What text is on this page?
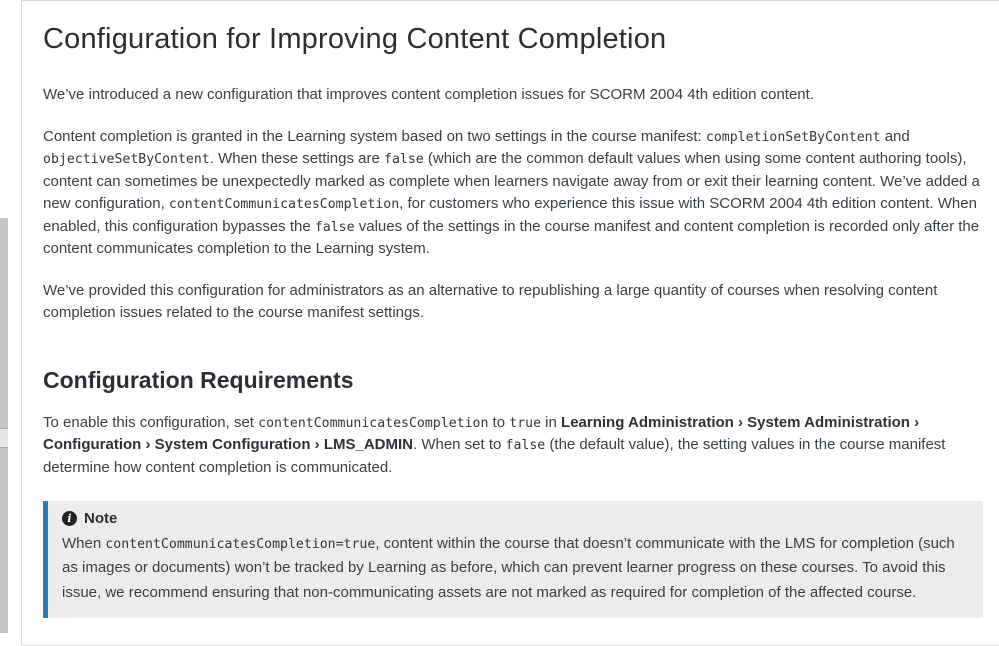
Configuration for Improving Content Completion

We’ve introduced a new configuration that improves content completion issues for SCORM 2004 4th edition content.

Content completion is granted in the Learning system based on two settings in the course manifest: completionSetByContent and objectiveSetByContent. When these settings are false (which are the common default values when using some content authoring tools), content can sometimes be unexpectedly marked as complete when learners navigate away from or exit their learning content. We’ve added a new configuration, contentCommunicatesCompletion, for customers who experience this issue with SCORM 2004 4th edition content. When enabled, this configuration bypasses the false values of the settings in the course manifest and content completion is recorded only after the content communicates completion to the Learning system.

We’ve provided this configuration for administrators as an alternative to republishing a large quantity of courses when resolving content completion issues related to the course manifest settings.

Configuration Requirements

To enable this configuration, set contentCommunicatesCompletion to true in Learning Administration › System Administration › Configuration › System Configuration › LMS_ADMIN. When set to false (the default value), the setting values in the course manifest determine how content completion is communicated.

i Note
When contentCommunicatesCompletion=true, content within the course that doesn’t communicate with the LMS for completion (such as images or documents) won’t be tracked by Learning as before, which can prevent learner progress on these courses. To avoid this issue, we recommend ensuring that non-communicating assets are not marked as required for completion of the affected course.
